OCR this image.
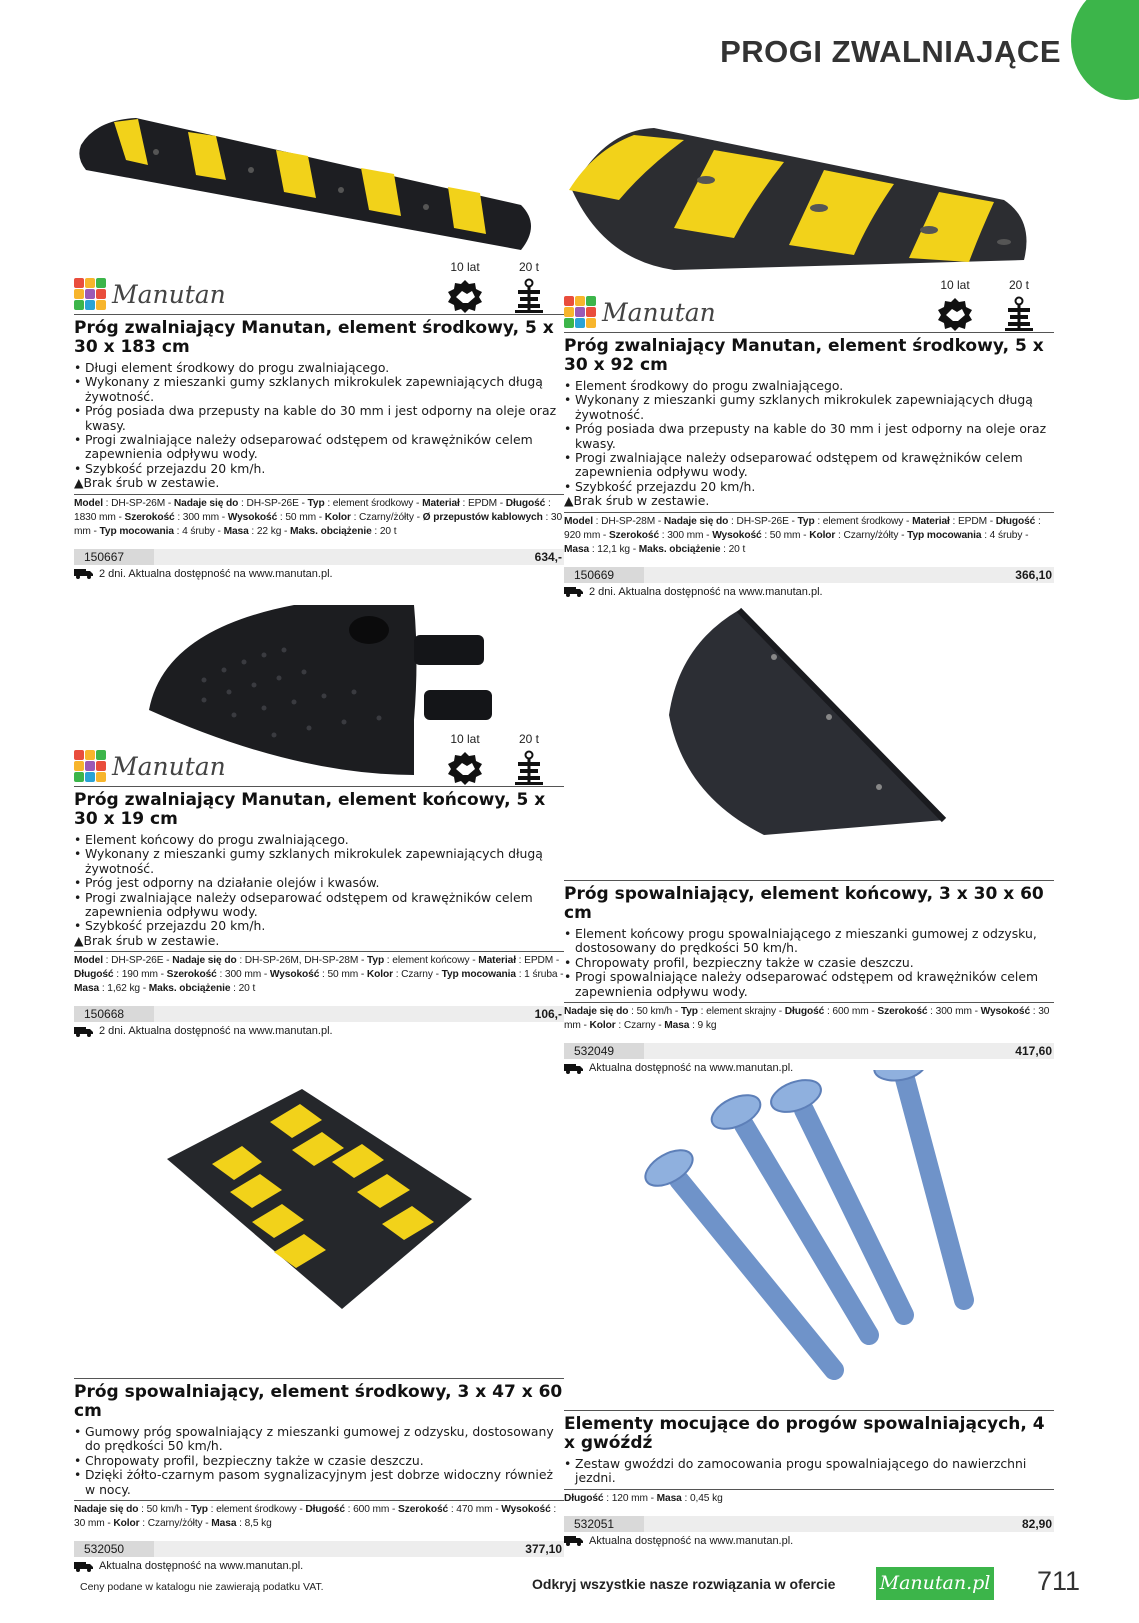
PROGI ZWALNIAJĄCE
Manutan
10 lat	20 t
Próg zwalniający Manutan, element środkowy, 5 x 30 x 183 cm
• Długi element środkowy do progu zwalniającego.
• Wykonany z mieszanki gumy szklanych mikrokulek zapewniających długą żywotność.
• Próg posiada dwa przepusty na kable do 30 mm i jest odporny na oleje oraz kwasy.
• Progi zwalniające należy odseparować odstępem od krawężników celem zapewnienia odpływu wody.
• Szybkość przejazdu 20 km/h.
▲Brak śrub w zestawie.
Model : DH-SP-26M - Nadaje się do : DH-SP-26E - Typ : element środkowy - Materiał : EPDM - Długość : 1830 mm - Szerokość : 300 mm - Wysokość : 50 mm - Kolor : Czarny/żółty - Ø przepustów kablowych : 30 mm - Typ mocowania : 4 śruby - Masa : 22 kg - Maks. obciążenie : 20 t
150667	634,-
2 dni. Aktualna dostępność na www.manutan.pl.
Manutan
10 lat	20 t
Próg zwalniający Manutan, element środkowy, 5 x 30 x 92 cm
• Element środkowy do progu zwalniającego.
• Wykonany z mieszanki gumy szklanych mikrokulek zapewniających długą żywotność.
• Próg posiada dwa przepusty na kable do 30 mm i jest odporny na oleje oraz kwasy.
• Progi zwalniające należy odseparować odstępem od krawężników celem zapewnienia odpływu wody.
• Szybkość przejazdu 20 km/h.
▲Brak śrub w zestawie.
Model : DH-SP-28M - Nadaje się do : DH-SP-26E - Typ : element środkowy - Materiał : EPDM - Długość : 920 mm - Szerokość : 300 mm - Wysokość : 50 mm - Kolor : Czarny/żółty - Typ mocowania : 4 śruby - Masa : 12,1 kg - Maks. obciążenie : 20 t
150669	366,10
2 dni. Aktualna dostępność na www.manutan.pl.
Manutan
10 lat	20 t
Próg zwalniający Manutan, element końcowy, 5 x 30 x 19 cm
• Element końcowy do progu zwalniającego.
• Wykonany z mieszanki gumy szklanych mikrokulek zapewniających długą żywotność.
• Próg jest odporny na działanie olejów i kwasów.
• Progi zwalniające należy odseparować odstępem od krawężników celem zapewnienia odpływu wody.
• Szybkość przejazdu 20 km/h.
▲Brak śrub w zestawie.
Model : DH-SP-26E - Nadaje się do : DH-SP-26M, DH-SP-28M - Typ : element końcowy - Materiał : EPDM - Długość : 190 mm - Szerokość : 300 mm - Wysokość : 50 mm - Kolor : Czarny - Typ mocowania : 1 śruba - Masa : 1,62 kg - Maks. obciążenie : 20 t
150668	106,-
2 dni. Aktualna dostępność na www.manutan.pl.
Próg spowalniający, element końcowy, 3 x 30 x 60 cm
• Element końcowy progu spowalniającego z mieszanki gumowej z odzysku, dostosowany do prędkości 50 km/h.
• Chropowaty profil, bezpieczny także w czasie deszczu.
• Progi spowalniające należy odseparować odstępem od krawężników celem zapewnienia odpływu wody.
Nadaje się do : 50 km/h - Typ : element skrajny - Długość : 600 mm - Szerokość : 300 mm - Wysokość : 30 mm - Kolor : Czarny - Masa : 9 kg
532049	417,60
Aktualna dostępność na www.manutan.pl.
Próg spowalniający, element środkowy, 3 x 47 x 60 cm
• Gumowy próg spowalniający z mieszanki gumowej z odzysku, dostosowany do prędkości 50 km/h.
• Chropowaty profil, bezpieczny także w czasie deszczu.
• Dzięki żółto-czarnym pasom sygnalizacyjnym jest dobrze widoczny również w nocy.
Nadaje się do : 50 km/h - Typ : element środkowy - Długość : 600 mm - Szerokość : 470 mm - Wysokość : 30 mm - Kolor : Czarny/żółty - Masa : 8,5 kg
532050	377,10
Aktualna dostępność na www.manutan.pl.
Elementy mocujące do progów spowalniających, 4 x gwóźdź
• Zestaw gwoździ do zamocowania progu spowalniającego do nawierzchni jezdni.
Długość : 120 mm - Masa : 0,45 kg
532051	82,90
Aktualna dostępność na www.manutan.pl.
Ceny podane w katalogu nie zawierają podatku VAT.	Odkryj wszystkie nasze rozwiązania w ofercie Manutan.pl 711
